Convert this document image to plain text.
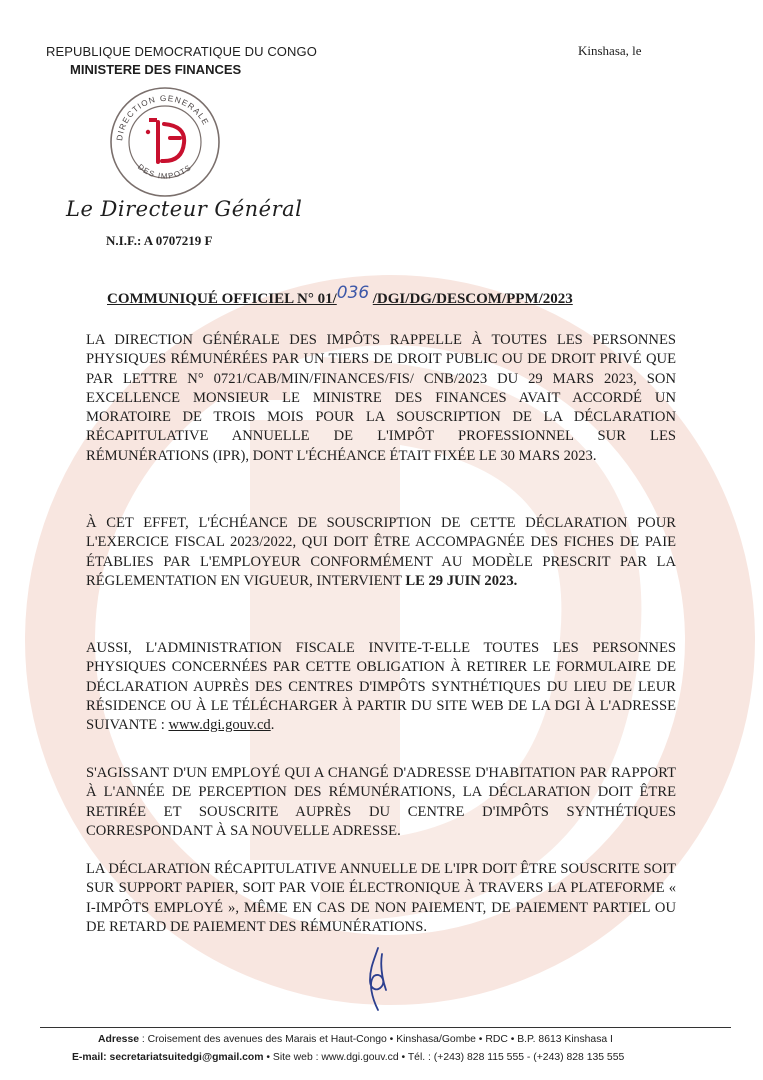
REPUBLIQUE DEMOCRATIQUE DU CONGO
MINISTERE DES FINANCES
Kinshasa, le
DIRECTION GENERALE
DES IMPOTS
Le Directeur Général
N.I.F.: A 0707219 F
COMMUNIQUÉ OFFICIEL N° 01/036 /DGI/DG/DESCOM/PPM/2023

LA DIRECTION GÉNÉRALE DES IMPÔTS RAPPELLE À TOUTES LES PERSONNES PHYSIQUES RÉMUNÉRÉES PAR UN TIERS DE DROIT PUBLIC OU DE DROIT PRIVÉ QUE PAR LETTRE N° 0721/CAB/MIN/FINANCES/FIS/ CNB/2023 DU 29 MARS 2023, SON EXCELLENCE MONSIEUR LE MINISTRE DES FINANCES AVAIT ACCORDÉ UN MORATOIRE DE TROIS MOIS POUR LA SOUSCRIPTION DE LA DÉCLARATION RÉCAPITULATIVE ANNUELLE DE L'IMPÔT PROFESSIONNEL SUR LES RÉMUNÉRATIONS (IPR), DONT L'ÉCHÉANCE ÉTAIT FIXÉE LE 30 MARS 2023.

À CET EFFET, L'ÉCHÉANCE DE SOUSCRIPTION DE CETTE DÉCLARATION POUR L'EXERCICE FISCAL 2023/2022, QUI DOIT ÊTRE ACCOMPAGNÉE DES FICHES DE PAIE ÉTABLIES PAR L'EMPLOYEUR CONFORMÉMENT AU MODÈLE PRESCRIT PAR LA RÉGLEMENTATION EN VIGUEUR, INTERVIENT LE 29 JUIN 2023.

AUSSI, L'ADMINISTRATION FISCALE INVITE-T-ELLE TOUTES LES PERSONNES PHYSIQUES CONCERNÉES PAR CETTE OBLIGATION À RETIRER LE FORMULAIRE DE DÉCLARATION AUPRÈS DES CENTRES D'IMPÔTS SYNTHÉTIQUES DU LIEU DE LEUR RÉSIDENCE OU À LE TÉLÉCHARGER À PARTIR DU SITE WEB DE LA DGI À L'ADRESSE SUIVANTE : www.dgi.gouv.cd.

S'AGISSANT D'UN EMPLOYÉ QUI A CHANGÉ D'ADRESSE D'HABITATION PAR RAPPORT À L'ANNÉE DE PERCEPTION DES RÉMUNÉRATIONS, LA DÉCLARATION DOIT ÊTRE RETIRÉE ET SOUSCRITE AUPRÈS DU CENTRE D'IMPÔTS SYNTHÉTIQUES CORRESPONDANT À SA NOUVELLE ADRESSE.

LA DÉCLARATION RÉCAPITULATIVE ANNUELLE DE L'IPR DOIT ÊTRE SOUSCRITE SOIT SUR SUPPORT PAPIER, SOIT PAR VOIE ÉLECTRONIQUE À TRAVERS LA PLATEFORME « I-IMPÔTS EMPLOYÉ », MÊME EN CAS DE NON PAIEMENT, DE PAIEMENT PARTIEL OU DE RETARD DE PAIEMENT DES RÉMUNÉRATIONS.

Adresse : Croisement des avenues des Marais et Haut-Congo • Kinshasa/Gombe • RDC • B.P. 8613 Kinshasa I
E-mail: secretariatsuitedgi@gmail.com • Site web : www.dgi.gouv.cd • Tél. : (+243) 828 115 555 - (+243) 828 135 555
